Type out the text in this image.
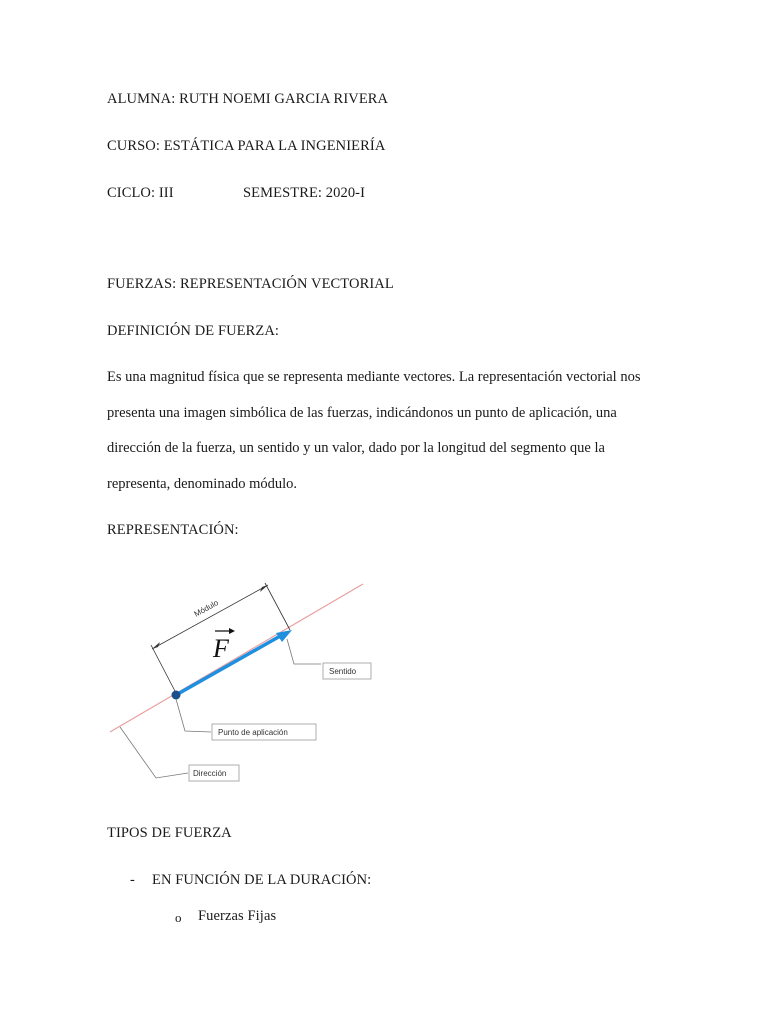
ALUMNA: RUTH NOEMI GARCIA RIVERA
CURSO: ESTÁTICA PARA LA INGENIERÍA
CICLO: III	SEMESTRE: 2020-I
FUERZAS: REPRESENTACIÓN VECTORIAL
DEFINICIÓN DE FUERZA:
Es una magnitud física que se representa mediante vectores. La representación vectorial nos
presenta una imagen simbólica de las fuerzas, indicándonos un punto de aplicación, una
dirección de la fuerza, un sentido y un valor, dado por la longitud del segmento que la
representa, denominado módulo.
REPRESENTACIÓN:
Módulo
F
Sentido
Punto de aplicación
Dirección
TIPOS DE FUERZA
- EN FUNCIÓN DE LA DURACIÓN:
o Fuerzas Fijas
